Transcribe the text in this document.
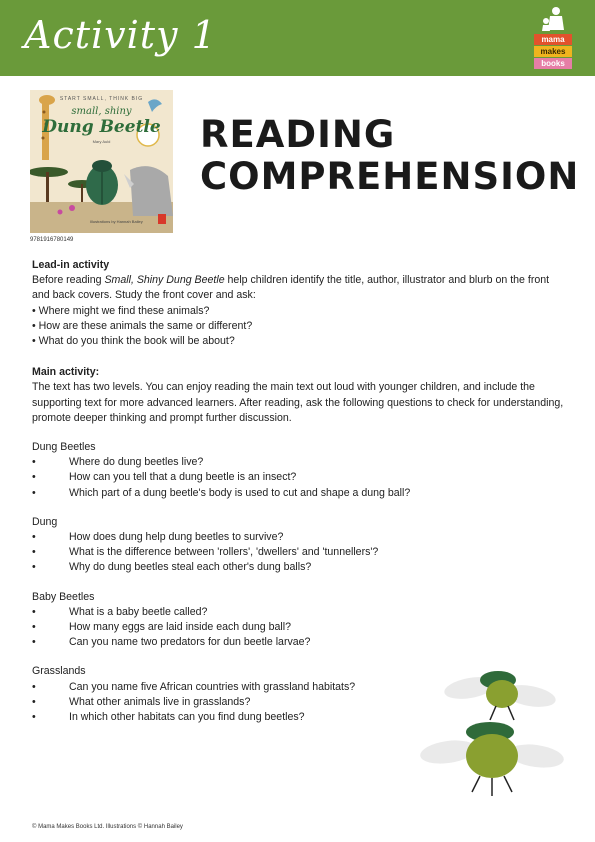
Activity 1	mama
makes
books
START SMALL, THINK BIG
small, shiny
Dung Beetle
Mary Auld
Illustrations by Hannah Bailey
9781916780149
READING
COMPREHENSION
Lead-in activity
Before reading Small, Shiny Dung Beetle help children identify the title, author, illustrator and blurb on the front and back covers. Study the front cover and ask:
• Where might we find these animals?
• How are these animals the same or different?
• What do you think the book will be about?
Main activity:
The text has two levels. You can enjoy reading the main text out loud with younger children, and include the supporting text for more advanced learners. After reading, ask the following questions to check for understanding, promote deeper thinking and prompt further discussion.
Dung Beetles
•	Where do dung beetles live?
•	How can you tell that a dung beetle is an insect?
•	Which part of a dung beetle's body is used to cut and shape a dung ball?
Dung
•	How does dung help dung beetles to survive?
•	What is the difference between 'rollers', 'dwellers' and 'tunnellers'?
•	Why do dung beetles steal each other's dung balls?
Baby Beetles
•	What is a baby beetle called?
•	How many eggs are laid inside each dung ball?
•	Can you name two predators for dun beetle larvae?
Grasslands
•	Can you name five African countries with grassland habitats?
•	What other animals live in grasslands?
•	In which other habitats can you find dung beetles?
© Mama Makes Books Ltd. Illustrations © Hannah Bailey
